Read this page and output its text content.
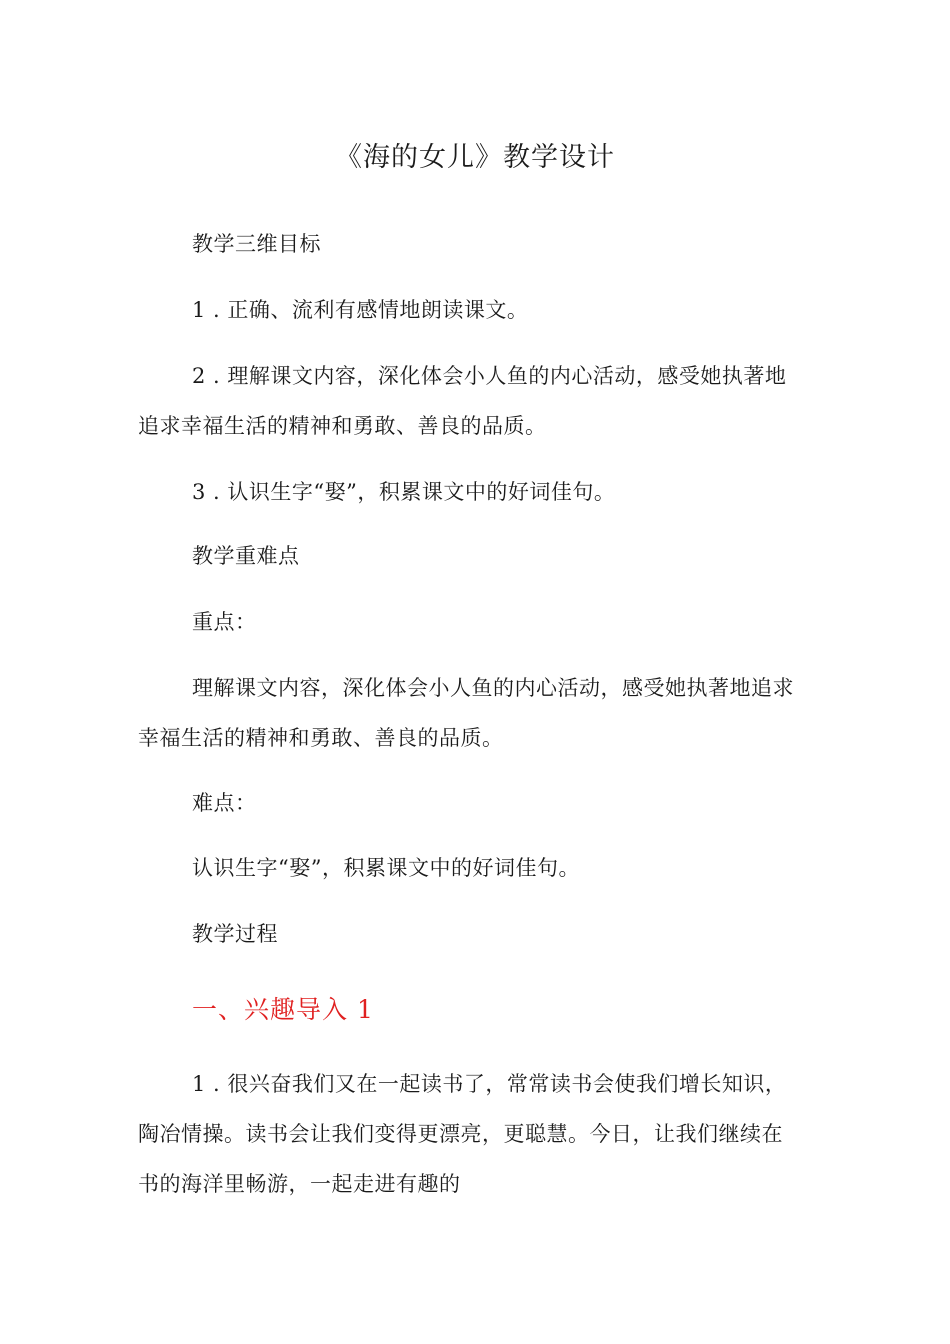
《海的女儿》教学设计

教学三维目标

1 . 正确、流利有感情地朗读课文。

2 . 理解课文内容，深化体会小人鱼的内心活动，感受她执著地追求幸福生活的精神和勇敢、善良的品质。

3 . 认识生字“娶”，积累课文中的好词佳句。

教学重难点

重点：

理解课文内容，深化体会小人鱼的内心活动，感受她执著地追求幸福生活的精神和勇敢、善良的品质。

难点：

认识生字“娶”，积累课文中的好词佳句。

教学过程

一、兴趣导入 1

1 . 很兴奋我们又在一起读书了，常常读书会使我们增长知识，陶冶情操。读书会让我们变得更漂亮，更聪慧。今日，让我们继续在书的海洋里畅游，一起走进有趣的
